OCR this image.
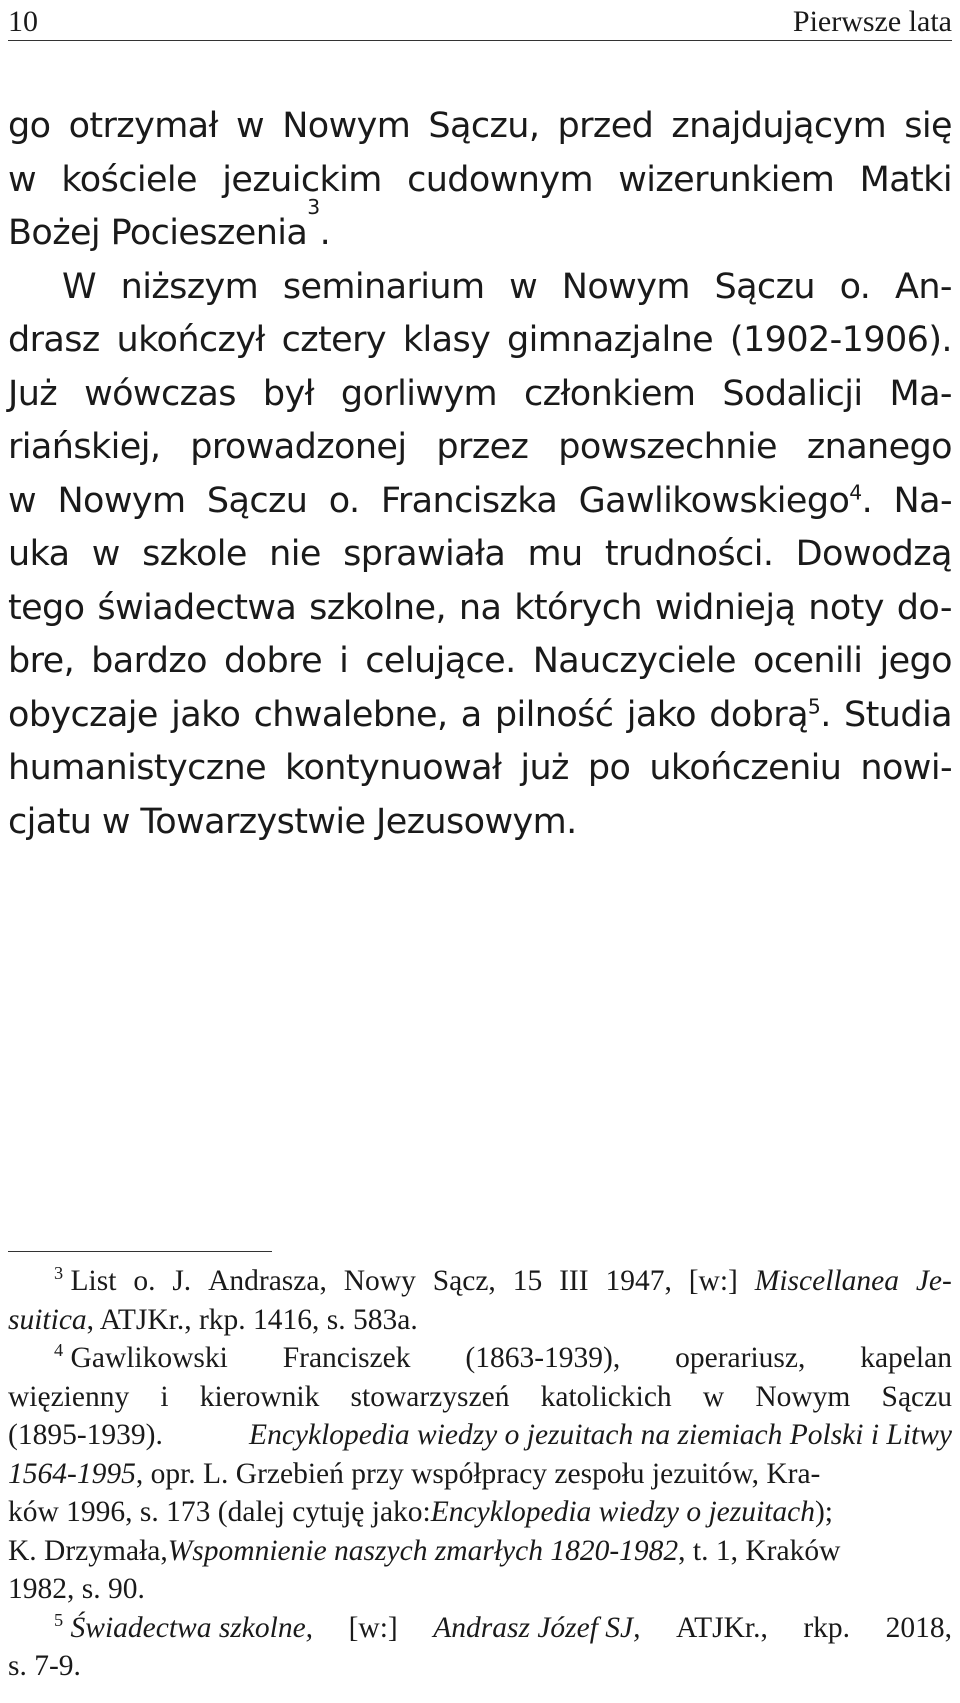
10	Pierwsze lata
go otrzymał w Nowym Sączu, przed znajdującym się
w kościele jezuickim cudownym wizerunkiem Matki
Bożej
Pocieszenia
3
.
W niższym seminarium w Nowym Sączu o. An-
drasz ukończył cztery klasy gimnazjalne (1902-1906).
Już wówczas był gorliwym członkiem Sodalicji Ma-
riańskiej, prowadzonej przez powszechnie znanego
w Nowym Sączu o. Franciszka Gawlikowskiego$^4$. Na-
uka w szkole nie sprawiała mu trudności. Dowodzą
tego świadectwa szkolne, na których widnieją noty do-
bre, bardzo dobre i celujące. Nauczyciele ocenili jego
obyczaje jako chwalebne, a pilność jako dobrą$^5$. Studia
humanistyczne kontynuował już po ukończeniu nowi-
cjatu
w
Towarzystwie
Jezusowym.
$^3$ List o. J. Andrasza, Nowy Sącz, 15 III 1947, [w:] Miscellanea Je-
suitica , ATJKr., rkp. 1416, s. 583a.
$^4$ Gawlikowski Franciszek (1863-1939), operariusz, kapelan
więzienny i kierownik stowarzyszeń katolickich w Nowym Sączu
(1895-1939).	Encyklopedia wiedzy o jezuitach na ziemiach Polski i Litwy
1564-1995 , opr. L. Grzebień przy współpracy zespołu jezuitów, Kra-
ków 1996, s. 173 (dalej cytuję jako: Encyklopedia wiedzy o jezuitach );
K. Drzymała, Wspomnienie naszych zmarłych 1820-1982 , t. 1, Kraków
1982, s. 90.
$^5$ Świadectwa szkolne, [w:] Andrasz Józef SJ, ATJKr., rkp. 2018,
s. 7-9.
